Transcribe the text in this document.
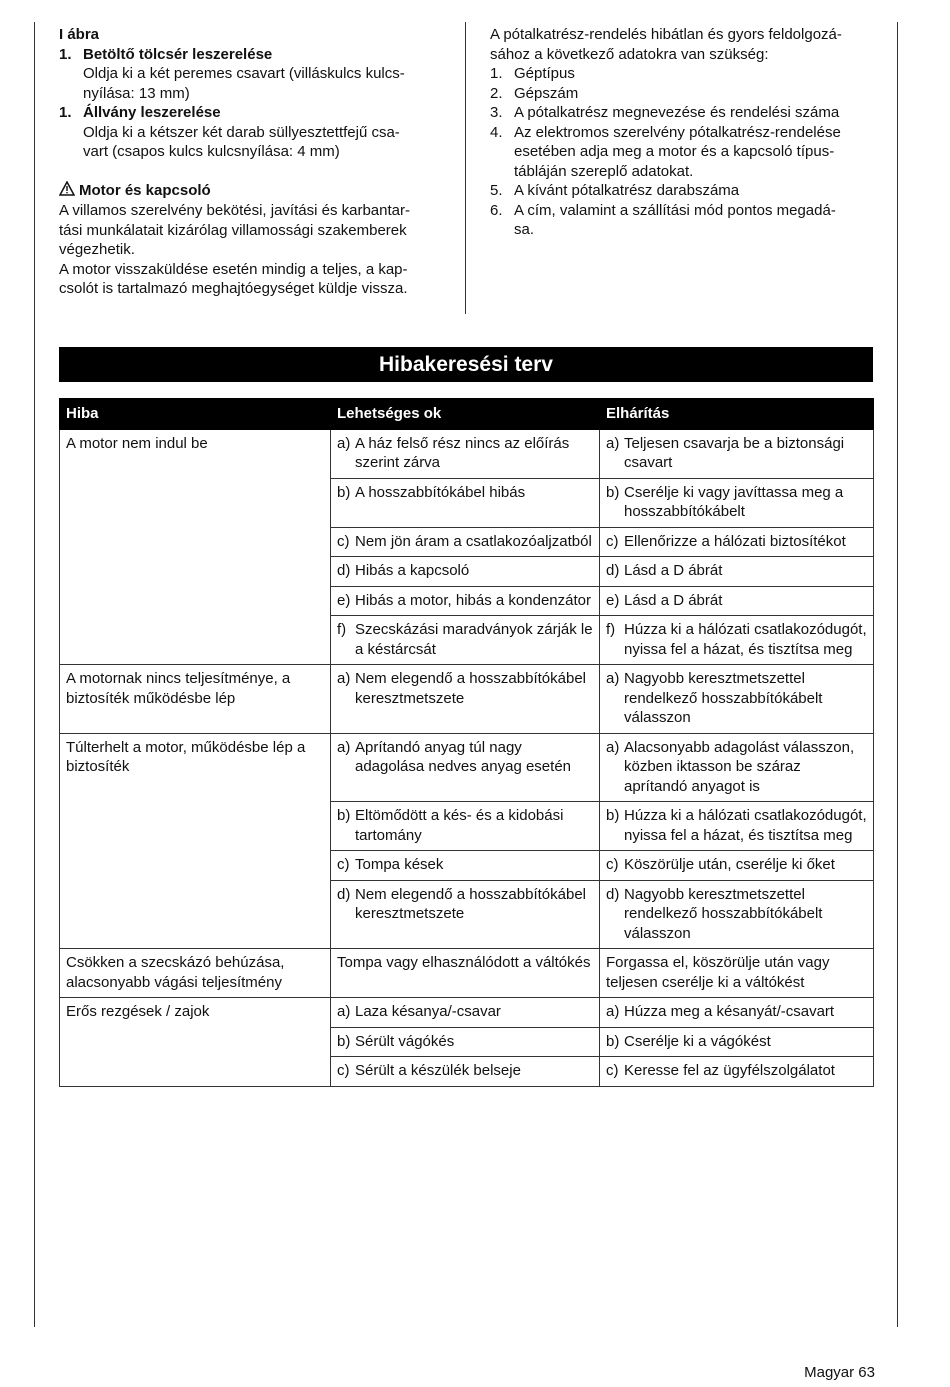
I ábra
1. Betöltő tölcsér leszerelése
Oldja ki a két peremes csavart (villáskulcs kulcs-
nyílása: 13 mm)
1. Állvány leszerelése
Oldja ki a kétszer két darab süllyesztettfejű csa-
vart (csapos kulcs kulcsnyílása: 4 mm)
Motor és kapcsoló
A villamos szerelvény bekötési, javítási és karbantar-
tási munkálatait kizárólag villamossági szakemberek
végezhetik.
A motor visszaküldése esetén mindig a teljes, a kap-
csolót is tartalmazó meghajtóegységet küldje vissza.
A pótalkatrész-rendelés hibátlan és gyors feldolgozá-
sához a következő adatokra van szükség:
1. Géptípus
2. Gépszám
3. A pótalkatrész megnevezése és rendelési száma
4. Az elektromos szerelvény pótalkatrész-rendelése
esetében adja meg a motor és a kapcsoló típus-
tábláján szereplő adatokat.
5. A kívánt pótalkatrész darabszáma
6. A cím, valamint a szállítási mód pontos megadá-
sa.
Hibakeresési terv
Hiba	Lehetséges ok	Elhárítás
A motor nem indul be	a) A ház felső rész nincs az előírás szerint zárva	a) Teljesen csavarja be a biztonsági csavart

	b) A hosszabbítókábel hibás	b) Cserélje ki vagy javíttassa meg a hosszabbítókábelt

	c) Nem jön áram a csatlakozóaljzatból	c) Ellenőrizze a hálózati biztosítékot

	d) Hibás a kapcsoló	d) Lásd a D ábrát

	e) Hibás a motor, hibás a kondenzátor	e) Lásd a D ábrát

	f) Szecskázási maradványok zárják le a késtárcsát	f) Húzza ki a hálózati csatlakozódugót, nyissa fel a házat, és tisztítsa meg

A motornak nincs teljesítménye, a biztosíték működésbe lép	a) Nem elegendő a hosszabbítókábel keresztmetszete	a) Nagyobb keresztmetszettel rendelkező hosszabbítókábelt válasszon

Túlterhelt a motor, működésbe lép a biztosíték	a) Aprítandó anyag túl nagy adagolása nedves anyag esetén	a) Alacsonyabb adagolást válasszon, közben iktasson be száraz aprítandó anyagot is

	b) Eltömődött a kés- és a kidobási tartomány	b) Húzza ki a hálózati csatlakozódugót, nyissa fel a házat, és tisztítsa meg

	c) Tompa kések	c) Köszörülje után, cserélje ki őket

	d) Nem elegendő a hosszabbítókábel keresztmetszete	d) Nagyobb keresztmetszettel rendelkező hosszabbítókábelt válasszon

Csökken a szecskázó behúzása, alacsonyabb vágási teljesítmény	Tompa vagy elhasználódott a váltókés	Forgassa el, köszörülje után vagy teljesen cserélje ki a váltókést

Erős rezgések / zajok	a) Laza késanya/-csavar	a) Húzza meg a késanyát/-csavart

	b) Sérült vágókés	b) Cserélje ki a vágókést

	c) Sérült a készülék belseje	c) Keresse fel az ügyfélszolgálatot
Magyar 63
